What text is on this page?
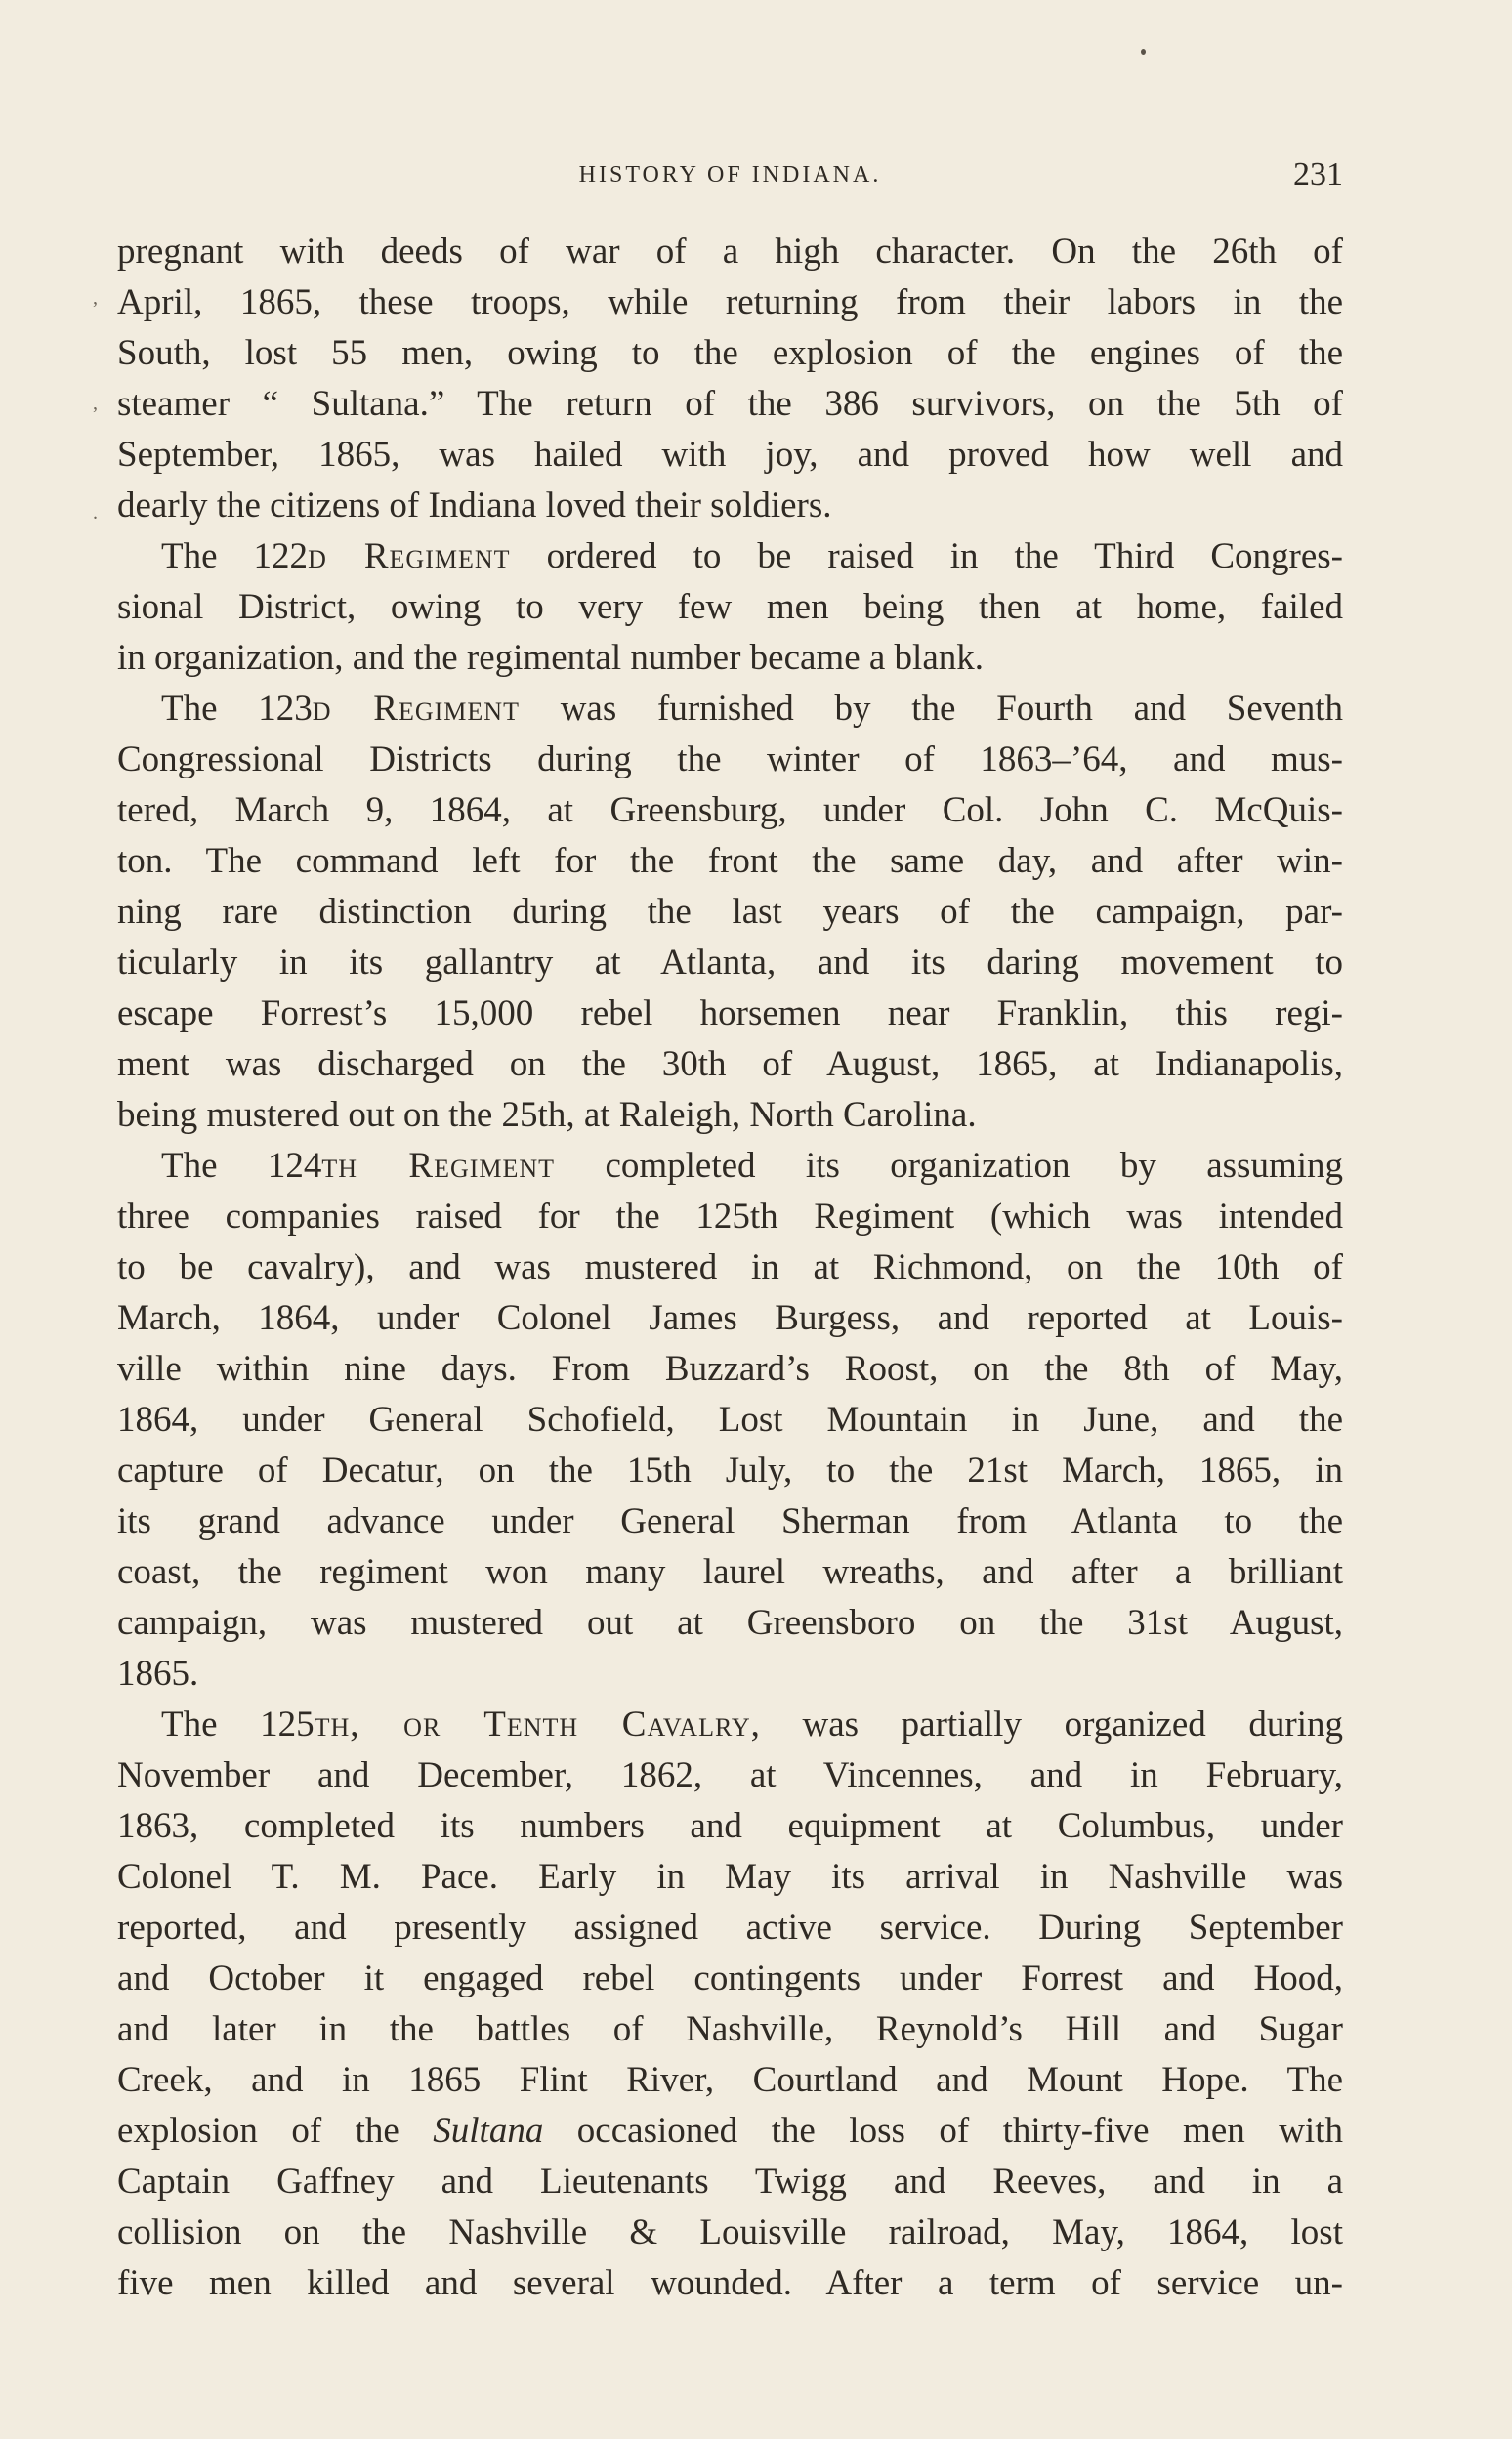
HISTORY OF INDIANA.	231
,
,
.
pregnant with deeds of war of a high character. On the 26th of
April, 1865, these troops, while returning from their labors in the
South, lost 55 men, owing to the explosion of the engines of the
steamer “ Sultana.” The return of the 386 survivors, on the 5th of
September, 1865, was hailed with joy, and proved how well and
dearly the citizens of Indiana loved their soldiers.
The 122d Regiment ordered to be raised in the Third Congres-
sional District, owing to very few men being then at home, failed
in organization, and the regimental number became a blank.
The 123d Regiment was furnished by the Fourth and Seventh
Congressional Districts during the winter of 1863–’64, and mus-
tered, March 9, 1864, at Greensburg, under Col. John C. McQuis-
ton. The command left for the front the same day, and after win-
ning rare distinction during the last years of the campaign, par-
ticularly in its gallantry at Atlanta, and its daring movement to
escape Forrest’s 15,000 rebel horsemen near Franklin, this regi-
ment was discharged on the 30th of August, 1865, at Indianapolis,
being mustered out on the 25th, at Raleigh, North Carolina.
The 124th Regiment completed its organization by assuming
three companies raised for the 125th Regiment (which was intended
to be cavalry), and was mustered in at Richmond, on the 10th of
March, 1864, under Colonel James Burgess, and reported at Louis-
ville within nine days. From Buzzard’s Roost, on the 8th of May,
1864, under General Schofield, Lost Mountain in June, and the
capture of Decatur, on the 15th July, to the 21st March, 1865, in
its grand advance under General Sherman from Atlanta to the
coast, the regiment won many laurel wreaths, and after a brilliant
campaign, was mustered out at Greensboro on the 31st August,
1865.
The 125th, or Tenth Cavalry, was partially organized during
November and December, 1862, at Vincennes, and in February,
1863, completed its numbers and equipment at Columbus, under
Colonel T. M. Pace. Early in May its arrival in Nashville was
reported, and presently assigned active service. During September
and October it engaged rebel contingents under Forrest and Hood,
and later in the battles of Nashville, Reynold’s Hill and Sugar
Creek, and in 1865 Flint River, Courtland and Mount Hope. The
explosion of the Sultana occasioned the loss of thirty-five men with
Captain Gaffney and Lieutenants Twigg and Reeves, and in a
collision on the Nashville & Louisville railroad, May, 1864, lost
five men killed and several wounded. After a term of service un-
